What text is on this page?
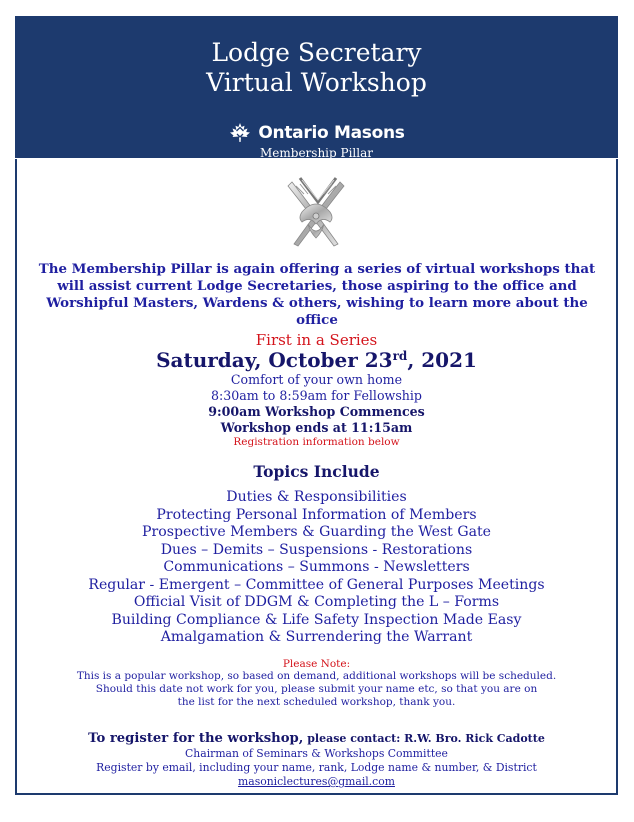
Lodge Secretary
Virtual Workshop
Ontario Masons
Membership Pillar
The Membership Pillar is again offering a series of virtual workshops that will assist current Lodge Secretaries, those aspiring to the office and Worshipful Masters, Wardens & others, wishing to learn more about the office
First in a Series
Saturday, October 23rd, 2021
Comfort of your own home
8:30am to 8:59am for Fellowship
9:00am Workshop Commences
Workshop ends at 11:15am
Registration information below
Topics Include
Duties & Responsibilities
Protecting Personal Information of Members
Prospective Members & Guarding the West Gate
Dues – Demits – Suspensions - Restorations
Communications – Summons - Newsletters
Regular - Emergent – Committee of General Purposes Meetings
Official Visit of DDGM & Completing the L – Forms
Building Compliance & Life Safety Inspection Made Easy
Amalgamation & Surrendering the Warrant
Please Note:
This is a popular workshop, so based on demand, additional workshops will be scheduled.
Should this date not work for you, please submit your name etc, so that you are on
the list for the next scheduled workshop, thank you.
To register for the workshop, please contact: R.W. Bro. Rick Cadotte
Chairman of Seminars & Workshops Committee
Register by email, including your name, rank, Lodge name & number, & District
masoniclectures@gmail.com
